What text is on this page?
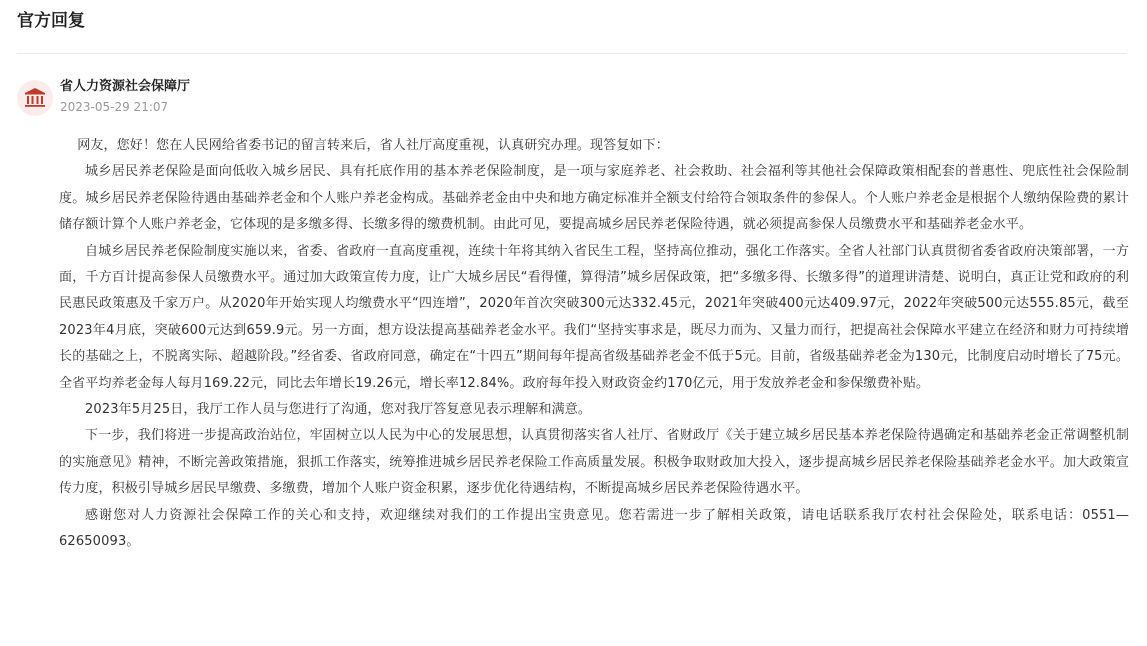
官方回复
省人力资源社会保障厅
2023-05-29 21:07

网友，您好！您在人民网给省委书记的留言转来后，省人社厅高度重视，认真研究办理。现答复如下：

城乡居民养老保险是面向低收入城乡居民、具有托底作用的基本养老保险制度，是一项与家庭养老、社会救助、社会福利等其他社会保障政策相配套的普惠性、兜底性社会保险制度。城乡居民养老保险待遇由基础养老金和个人账户养老金构成。基础养老金由中央和地方确定标准并全额支付给符合领取条件的参保人。个人账户养老金是根据个人缴纳保险费的累计储存额计算个人账户养老金，它体现的是多缴多得、长缴多得的缴费机制。由此可见，要提高城乡居民养老保险待遇，就必须提高参保人员缴费水平和基础养老金水平。

自城乡居民养老保险制度实施以来，省委、省政府一直高度重视，连续十年将其纳入省民生工程，坚持高位推动，强化工作落实。全省人社部门认真贯彻省委省政府决策部署，一方面，千方百计提高参保人员缴费水平。通过加大政策宣传力度，让广大城乡居民“看得懂，算得清”城乡居保政策，把“多缴多得、长缴多得”的道理讲清楚、说明白，真正让党和政府的利民惠民政策惠及千家万户。从2020年开始实现人均缴费水平“四连增”，2020年首次突破300元达332.45元，2021年突破400元达409.97元，2022年突破500元达555.85元，截至2023年4月底，突破600元达到659.9元。另一方面，想方设法提高基础养老金水平。我们“坚持实事求是，既尽力而为、又量力而行，把提高社会保障水平建立在经济和财力可持续增长的基础之上，不脱离实际、超越阶段。”经省委、省政府同意，确定在“十四五”期间每年提高省级基础养老金不低于5元。目前，省级基础养老金为130元，比制度启动时增长了75元。全省平均养老金每人每月169.22元，同比去年增长19.26元，增长率12.84%。政府每年投入财政资金约170亿元，用于发放养老金和参保缴费补贴。

2023年5月25日，我厅工作人员与您进行了沟通，您对我厅答复意见表示理解和满意。

下一步，我们将进一步提高政治站位，牢固树立以人民为中心的发展思想，认真贯彻落实省人社厅、省财政厅《关于建立城乡居民基本养老保险待遇确定和基础养老金正常调整机制的实施意见》精神，不断完善政策措施，狠抓工作落实，统筹推进城乡居民养老保险工作高质量发展。积极争取财政加大投入，逐步提高城乡居民养老保险基础养老金水平。加大政策宣传力度，积极引导城乡居民早缴费、多缴费，增加个人账户资金积累，逐步优化待遇结构，不断提高城乡居民养老保险待遇水平。

感谢您对人力资源社会保障工作的关心和支持，欢迎继续对我们的工作提出宝贵意见。您若需进一步了解相关政策，请电话联系我厅农村社会保险处，联系电话：0551—62650093。
